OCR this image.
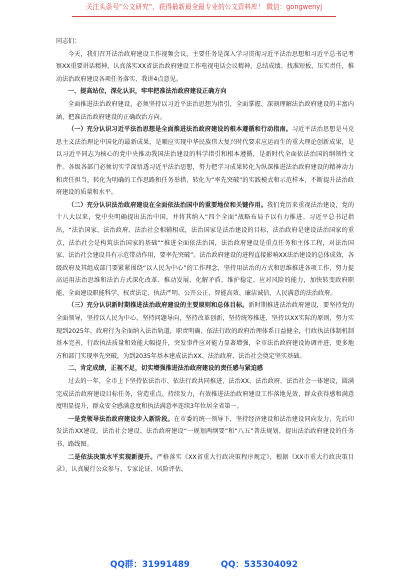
关注头条号“公文研究”，获得最新最全最专业的公文资料库！ 微信：gongwenyj

同志们：

今天，我们召开法治政府建设工作视频会议，主要任务是深入学习贯彻习近平法治思想和习近平总书记考察XX重要讲话精神，认真落实XX省法治政府建设工作电视电话会议精神，总结成绩、找准短板、压实责任，推动法治政府建设各项任务落实，我讲4点意见。

一、提高站位，深化认识，牢牢把准法治政府建设正确方向

全面推进法治政府建设，必须坚持以习近平法治思想为指引，全面掌握、深刻理解法治政府建设的丰富内涵，把准法治政府建设的正确政治方向。

（一）充分认识习近平法治思想是全面推进法治政府建设的根本遵循和行动指南。习近平法治思想是马克思主义法治理论中国化的最新成果，是顺应实现中华民族伟大复兴时代要求应运而生的重大理论创新成果，是以习近平同志为核心的党中央推动我国法治建设的科学指引和根本遵循，是新时代全面依法治国的纲领性文件。各级各部门必须切实学深悟透习近平法治思想，努力把学习成果转化为纵深推进法治政府建设的精神动力和责任担当，转化为明确的工作思路和任务举措，转化为“率先突破”的实践模式和示范样本，不断提升法治政府建设的质量和水平。

（二）充分认识法治政府建设在全面依法治国中的重要地位和关键作用。我们党历来重视法治建设，党的十八大以来，党中央明确提出法治中国，并将其纳入“四个全面”战略布局予以有力推进。习近平总书记指出，“法治国家、法治政府、法治社会相辅相成，法治国家是法治建设的目标，法治政府是建设法治国家的重点，法治社会是构筑法治国家的基础”“推进全面依法治国，法治政府建设是重点任务和主体工程，对法治国家、法治社会建设具有示范带动作用，要率先突破”。法治政府建设的进程直接影响XX法治建设的总体成效，各级政府及其组成部门要紧紧围绕“以人民为中心”的工作理念，坚持用法治的方式和思维推进各项工作，努力提高运用法治思维和法治方式深化改革、推动发展、化解矛盾、维护稳定、应对风险的能力，加快转变政府职能，全面建设职能科学、权责法定、执法严明、公开公正、智能高效、廉洁诚信、人民满意的法治政府。

（三）充分认识新时期推进法治政府建设的主要原则和总体目标。新时期推进法治政府建设，要坚持党的全面领导，坚持以人民为中心，坚持问题导向，坚持改革创新，坚持统筹推进，坚持以XX实际的原则，努力实现到2025年，政府行为全面纳入法治轨道，职责明确、依法行政的政府治理体系日益健全，行政执法体制机制基本完善，行政执法质量和效能大幅提升，突发事件应对能力显著增强，全市法治政府建设协调并进，更多地方和部门实现率先突破，为到2035年基本建成法治XX、法治政府、法治社会奠定坚实基础。

二、肯定成绩，正视不足，切实增强推进法治政府建设的责任感与紧迫感

过去的一年，全市上下坚持依法治市、依法行政共同推进，法治XX、法治政府、法治社会一体建设，圆满完成法治政府建设目标任务，营造重点、持续发力，有效推进法治政府建设工作落地见效，群众获得感和满意度明显提升，群众安全感满意度和执法满意率连续3年位居全省第一。

一是党领导法治政府建设步入新阶段。在市委的统一领导下，坚持经济建设和法治建设同向发力，先后印发法治XX建设、法治社会建设、法治政府建设“一规划两纲要”和“八五”普法规划，提出法治政府建设的任务书、路线图。

二是依法决策水平实现新提升。严格落实《XX省重大行政决策程序规定》，根据《XX市重大行政决策目录》，认真履行公众参与、专家论证、风险评估、

QQ群：31991489	QQ：535304092
